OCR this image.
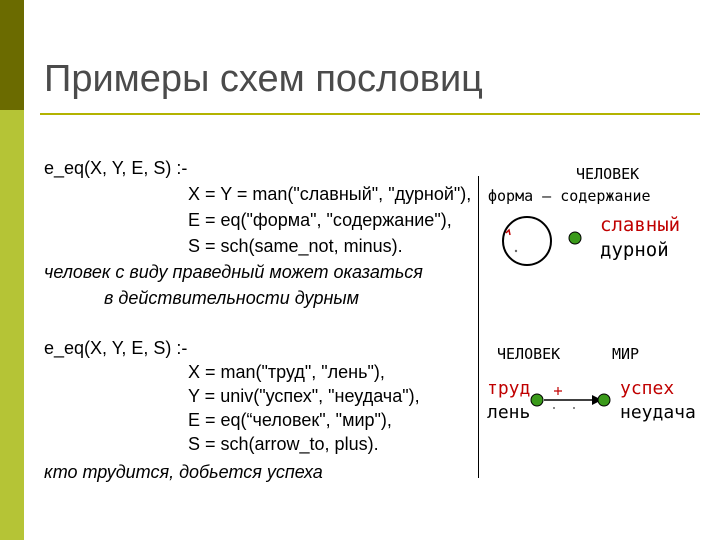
Примеры схем пословиц
e_eq(X, Y, E, S) :-
X = Y = man("славный", "дурной"),
E = eq("форма", "содержание"),
S = sch(same_not, minus).
человек с виду праведный может оказаться
в действительности дурным
ЧЕЛОВЕК
форма – содержание
славный
дурной
e_eq(X, Y, E, S) :-
X = man("труд", "лень"),
Y = univ("успех", "неудача"),
E = eq(“человек", "мир"),
S = sch(arrow_to, plus).
кто трудится, добьется успеха
ЧЕЛОВЕК	МИР
труд
лень
успех
неудача
